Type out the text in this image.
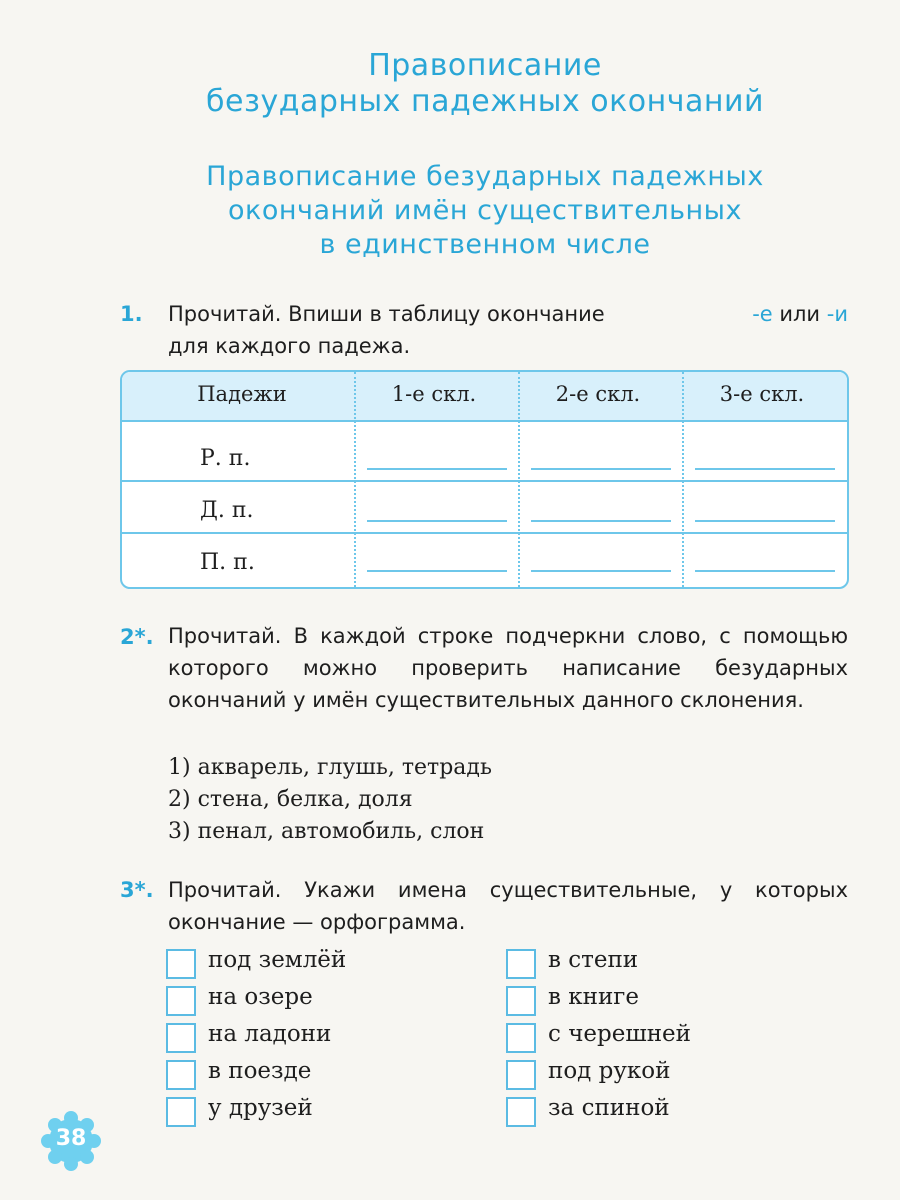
Правописание
безударных падежных окончаний
Правописание безударных падежных
окончаний имён существительных
в единственном числе
1. Прочитай. Впиши в таблицу окончание	-е или -и
для каждого падежа.
Падежи	1-е скл.	2-е скл.	3-е скл.
Р. п.
Д. п.
П. п.
2*. Прочитай. В каждой строке подчеркни слово, с помощью которого можно проверить написание безударных окончаний у имён существительных данного склонения.
1) акварель, глушь, тетрадь
2) стена, белка, доля
3) пенал, автомобиль, слон
3*. Прочитай. Укажи имена существительные, у которых окончание — орфограмма.
под землёй
на озере
на ладони
в поезде
у друзей
в степи
в книге
с черешней
под рукой
за спиной
38
